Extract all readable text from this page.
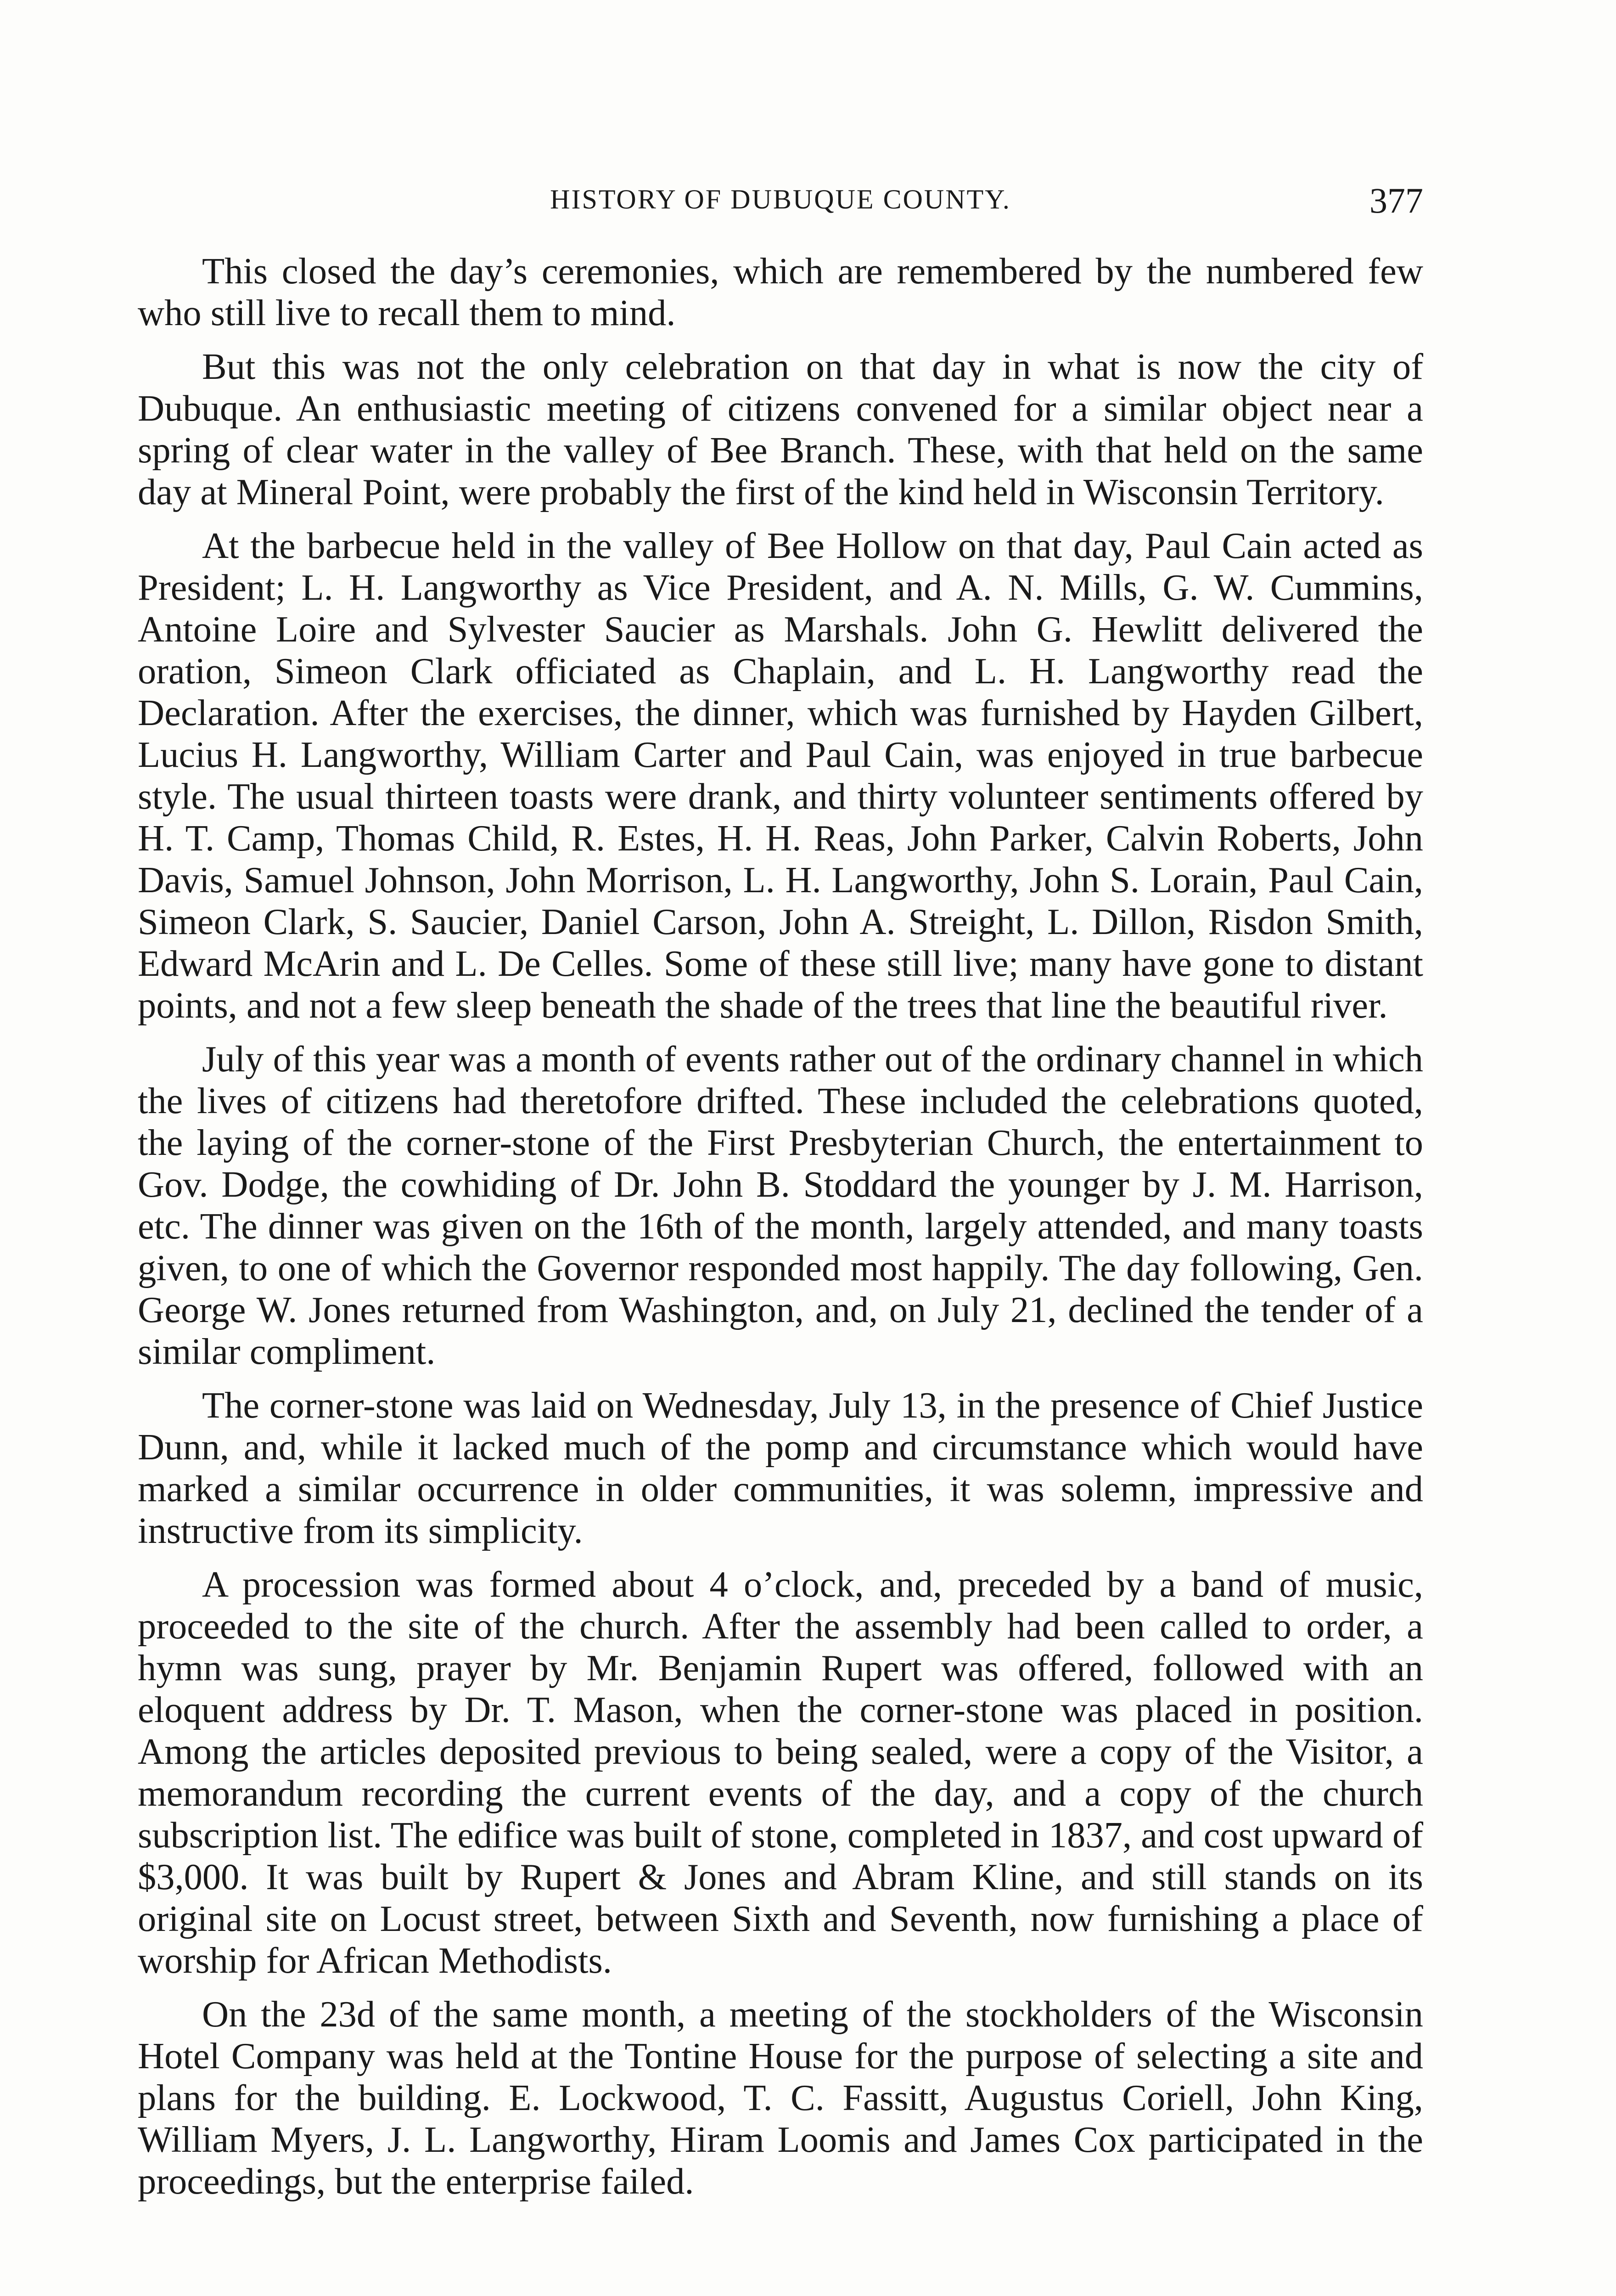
HISTORY OF DUBUQUE COUNTY.	377

This closed the day’s ceremonies, which are remembered by the numbered few who still live to recall them to mind.

But this was not the only celebration on that day in what is now the city of Dubuque. An enthusiastic meeting of citizens convened for a similar object near a spring of clear water in the valley of Bee Branch. These, with that held on the same day at Mineral Point, were probably the first of the kind held in Wisconsin Territory.

At the barbecue held in the valley of Bee Hollow on that day, Paul Cain acted as President; L. H. Langworthy as Vice President, and A. N. Mills, G. W. Cummins, Antoine Loire and Sylvester Saucier as Marshals. John G. Hewlitt delivered the oration, Simeon Clark officiated as Chaplain, and L. H. Langworthy read the Declaration. After the exercises, the dinner, which was furnished by Hayden Gilbert, Lucius H. Langworthy, William Carter and Paul Cain, was enjoyed in true barbecue style. The usual thirteen toasts were drank, and thirty volunteer sentiments offered by H. T. Camp, Thomas Child, R. Estes, H. H. Reas, John Parker, Calvin Roberts, John Davis, Samuel Johnson, John Morrison, L. H. Langworthy, John S. Lorain, Paul Cain, Simeon Clark, S. Saucier, Daniel Carson, John A. Streight, L. Dillon, Risdon Smith, Edward McArin and L. De Celles. Some of these still live; many have gone to distant points, and not a few sleep beneath the shade of the trees that line the beautiful river.

July of this year was a month of events rather out of the ordinary channel in which the lives of citizens had theretofore drifted. These included the celebrations quoted, the laying of the corner-stone of the First Presbyterian Church, the entertainment to Gov. Dodge, the cowhiding of Dr. John B. Stoddard the younger by J. M. Harrison, etc. The dinner was given on the 16th of the month, largely attended, and many toasts given, to one of which the Governor responded most happily. The day following, Gen. George W. Jones returned from Washington, and, on July 21, declined the tender of a similar compliment.

The corner-stone was laid on Wednesday, July 13, in the presence of Chief Justice Dunn, and, while it lacked much of the pomp and circumstance which would have marked a similar occurrence in older communities, it was solemn, impressive and instructive from its simplicity.

A procession was formed about 4 o’clock, and, preceded by a band of music, proceeded to the site of the church. After the assembly had been called to order, a hymn was sung, prayer by Mr. Benjamin Rupert was offered, followed with an eloquent address by Dr. T. Mason, when the corner-stone was placed in position. Among the articles deposited previous to being sealed, were a copy of the Visitor, a memorandum recording the current events of the day, and a copy of the church subscription list. The edifice was built of stone, completed in 1837, and cost upward of $3,000. It was built by Rupert & Jones and Abram Kline, and still stands on its original site on Locust street, between Sixth and Seventh, now furnishing a place of worship for African Methodists.

On the 23d of the same month, a meeting of the stockholders of the Wisconsin Hotel Company was held at the Tontine House for the purpose of selecting a site and plans for the building. E. Lockwood, T. C. Fassitt, Augustus Coriell, John King, William Myers, J. L. Langworthy, Hiram Loomis and James Cox participated in the proceedings, but the enterprise failed.
